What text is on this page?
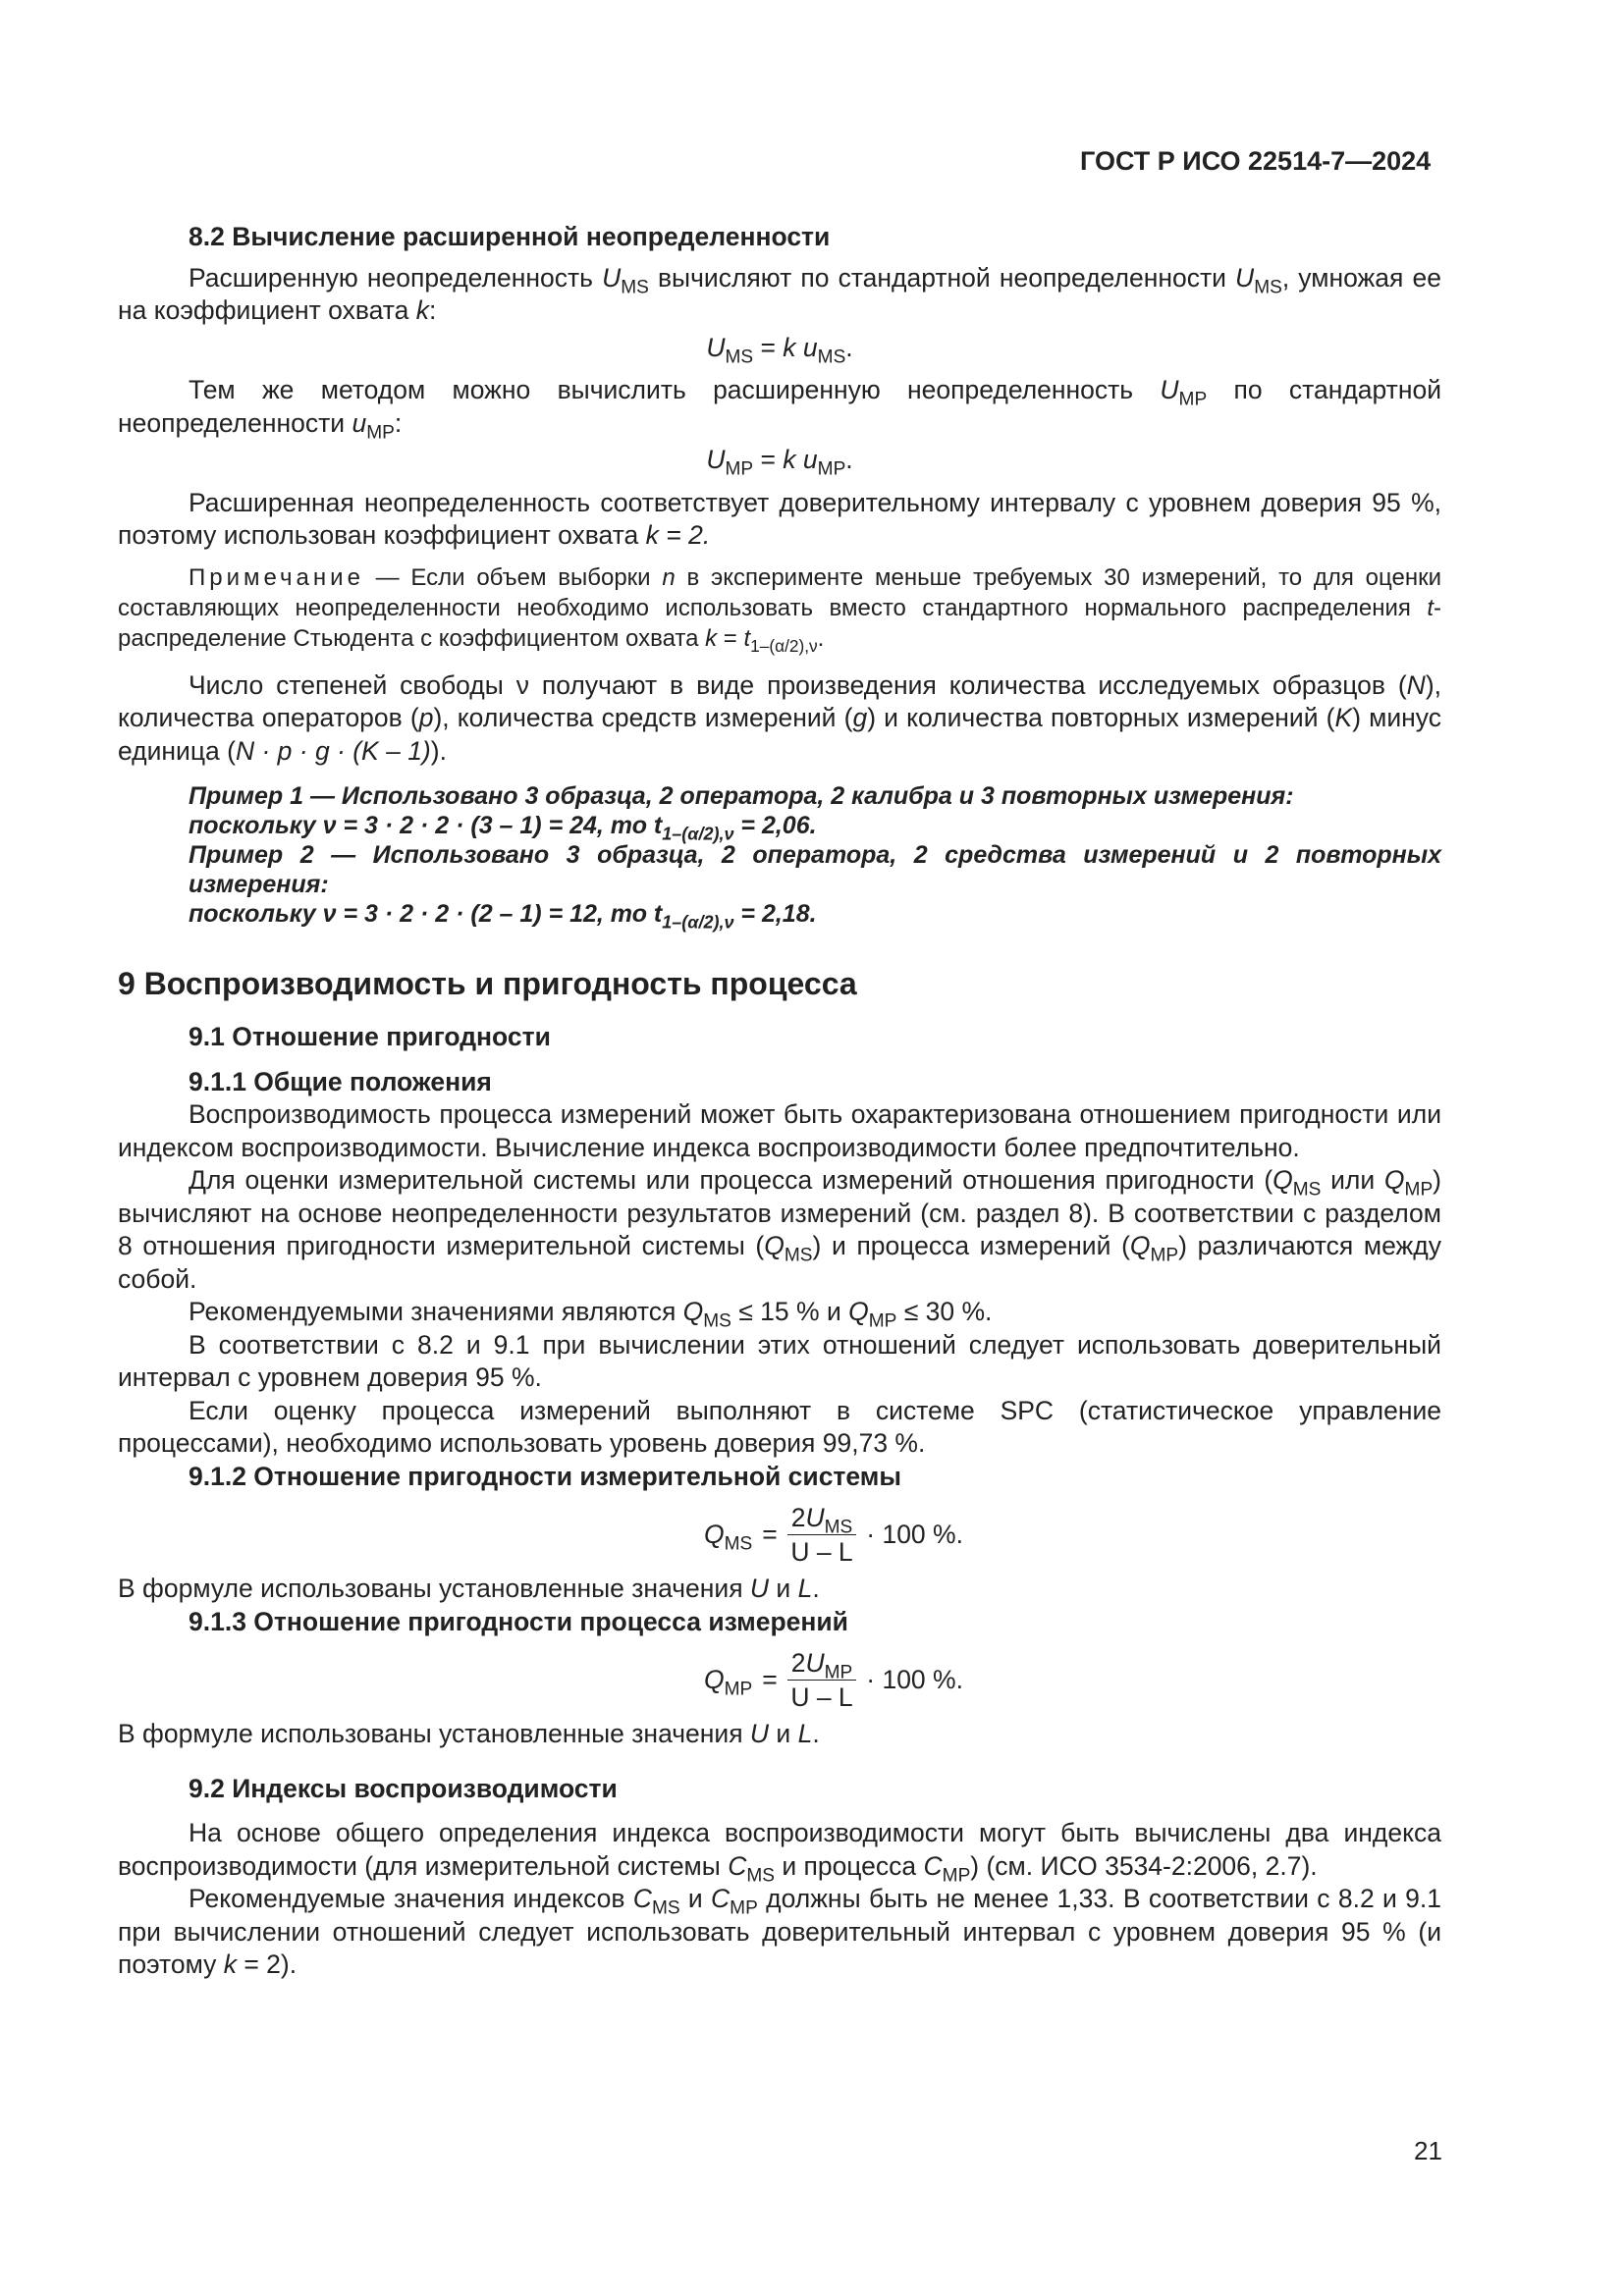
ГОСТ Р ИСО 22514-7—2024

8.2 Вычисление расширенной неопределенности

Расширенную неопределенность $U_{MS}$ вычисляют по стандартной неопределенности $U_{MS}$, умножая ее на коэффициент охвата k:

$U_{MS} = k$ $u_{MS}$.

Тем же методом можно вычислить расширенную неопределенность $U_{MP}$ по стандартной неопределенности $u_{MP}$:

$U_{MP} = k$ $u_{MP}$.

Расширенная неопределенность соответствует доверительному интервалу с уровнем доверия 95 %, поэтому использован коэффициент охвата k = 2.

Примечание — Если объем выборки n в эксперименте меньше требуемых 30 измерений, то для оценки составляющих неопределенности необходимо использовать вместо стандартного нормального распределения t-распределение Стьюдента с коэффициентом охвата $k = t_{1-(\alpha/2),\nu}$.

Число степеней свободы ν получают в виде произведения количества исследуемых образцов (N), количества операторов (p), количества средств измерений (g) и количества повторных измерений (K) минус единица (N · p · g · (K – 1)).

Пример 1 — Использовано 3 образца, 2 оператора, 2 калибра и 3 повторных измерения:

поскольку ν = 3 · 2 · 2 · (3 – 1) = 24, то $t_{1-(\alpha/2),\nu} = 2,06$.

Пример 2 — Использовано 3 образца, 2 оператора, 2 средства измерений и 2 повторных измерения:

поскольку ν = 3 · 2 · 2 · (2 – 1) = 12, то $t_{1-(\alpha/2),\nu} = 2,18$.

9 Воспроизводимость и пригодность процесса

9.1 Отношение пригодности

9.1.1 Общие положения

Воспроизводимость процесса измерений может быть охарактеризована отношением пригодности или индексом воспроизводимости. Вычисление индекса воспроизводимости более предпочтительно.

Для оценки измерительной системы или процесса измерений отношения пригодности ($Q_{MS}$ или $Q_{MP}$) вычисляют на основе неопределенности результатов измерений (см. раздел 8). В соответствии с разделом 8 отношения пригодности измерительной системы $(Q_{MS})$ и процесса измерений $(Q_{MP})$ различаются между собой.

Рекомендуемыми значениями являются $Q_{MS} \le 15$ % и $Q_{MP} \le 30$ %.

В соответствии с 8.2 и 9.1 при вычислении этих отношений следует использовать доверительный интервал с уровнем доверия 95 %.

Если оценку процесса измерений выполняют в системе SPC (статистическое управление процессами), необходимо использовать уровень доверия 99,73 %.

9.1.2 Отношение пригодности измерительной системы

$Q_{MS} = \frac{2U_{MS}}{U - L} \cdot 100$ %.

В формуле использованы установленные значения U и L.

9.1.3 Отношение пригодности процесса измерений

$Q_{MP} = \frac{2U_{MP}}{U - L} \cdot 100$ %.

В формуле использованы установленные значения U и L.

9.2 Индексы воспроизводимости

На основе общего определения индекса воспроизводимости могут быть вычислены два индекса воспроизводимости (для измерительной системы $C_{MS}$ и процесса $C_{MP}$) (см. ИСО 3534-2:2006, 2.7).

Рекомендуемые значения индексов $C_{MS}$ и $C_{MP}$ должны быть не менее 1,33. В соответствии с 8.2 и 9.1 при вычислении отношений следует использовать доверительный интервал с уровнем доверия 95 % (и поэтому k = 2).

21
